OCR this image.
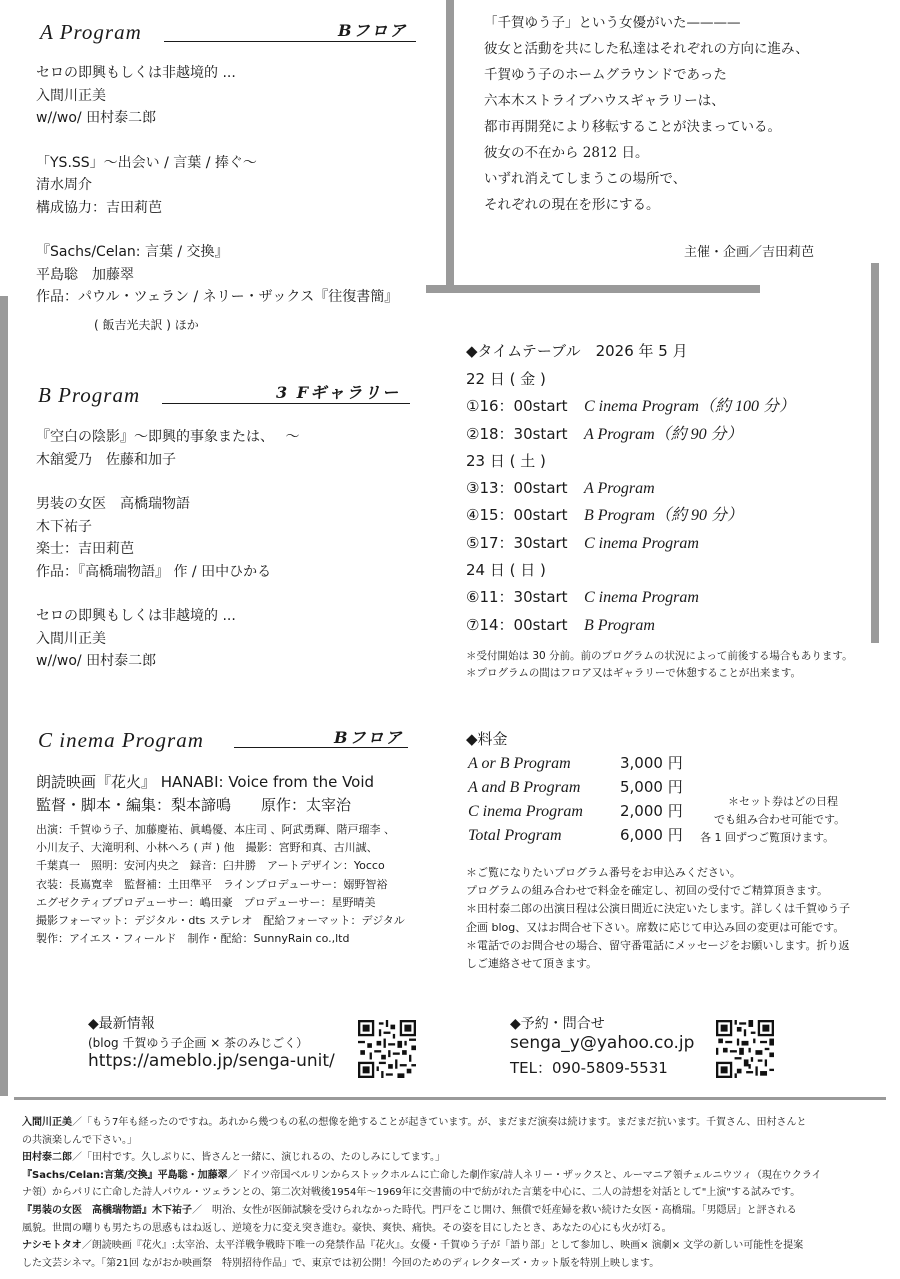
A Program	Bフロア
セロの即興もしくは非越境的 ...
入間川正美
w//wo/ 田村泰二郎
「YS.SS」〜出会い / 言葉 / 捧ぐ〜
清水周介
構成協力：吉田莉芭
『Sachs/Celan: 言葉 / 交換』
平島聡　加藤翠
作品：パウル・ツェラン / ネリー・ザックス『往復書簡』
( 飯吉光夫訳 ) ほか
「千賀ゆう子」という女優がいた————
彼女と活動を共にした私達はそれぞれの方向に進み、
千賀ゆう子のホームグラウンドであった
六本木ストライブハウスギャラリーは、
都市再開発により移転することが決まっている。
彼女の不在から 2812 日。
いずれ消えてしまうこの場所で、
それぞれの現在を形にする。
主催・企画／吉田莉芭
B Program	3 Fギャラリー
『空白の陰影』〜即興的事象または、　 〜
木舘愛乃　佐藤和加子
男装の女医　高橋瑞物語
木下祐子
楽士：吉田莉芭
作品：『高橋瑞物語』 作 / 田中ひかる
セロの即興もしくは非越境的 ...
入間川正美
w//wo/ 田村泰二郎
◆タイムテーブル　2026 年 5 月
22 日 ( 金 )
①16：00start C inema Program（約 100 分）
②18：30start A Program（約 90 分）
23 日 ( 土 )
③13：00start A Program
④15：00start B Program（約 90 分）
⑤17：30start C inema Program
24 日 ( 日 )
⑥11：30start C inema Program
⑦14：00start B Program
＊受付開始は 30 分前。前のプログラムの状況によって前後する場合もあります。
＊プログラムの間はフロア又はギャラリーで休憩することが出来ます。
C inema Program	Bフロア
朗読映画『花火』 HANABI: Voice from the Void
監督・脚本・編集：梨本諦鳴　　原作：太宰治
出演：千賀ゆう子、加藤慶祐、眞嶋優、本庄司 、阿武勇輝、階戸瑠李 、
小川友子、大滝明利、小林へろ ( 声 ) 他　撮影：宮野和真、古川誠、
千葉真一　照明：安河内央之　録音：臼井勝　アートデザイン：Yocco
衣装：長嶌寛幸　監督補：土田準平　ラインプロデューサー：嫋野智裕
エグゼクティブプロデューサー：嶋田豪　プロデューサー：星野晴美
撮影フォーマット：デジタル・dts ステレオ　配給フォーマット：デジタル
製作：アイエス・フィールド　制作・配給：SunnyRain co.,ltd
◆料金
A or B Program	3,000 円
A and B Program	5,000 円
C inema Program 2,000 円
Total Program	6,000 円
＊セット券はどの日程
でも組み合わせ可能です。
各 1 回ずつご覧頂けます。
＊ご覧になりたいプログラム番号をお申込みください。
プログラムの組み合わせで料金を確定し、初回の受付でご精算頂きます。
＊田村泰二郎の出演日程は公演日間近に決定いたします。詳しくは千賀ゆう子
企画 blog、又はお問合せ下さい。席数に応じて申込み回の変更は可能です。
＊電話でのお問合せの場合、留守番電話にメッセージをお願いします。折り返
しご連絡させて頂きます。
◆最新情報
(blog 千賀ゆう子企画 × 茶のみじごく）
https://ameblo.jp/senga-unit/
◆予約・問合せ
senga_y@yahoo.co.jp
TEL：090-5809-5531
入間川正美／「もう7年も経ったのですね。あれから幾つもの私の想像を絶することが起きています。が、まだまだ演奏は続けます。まだまだ抗います。千賀さん、田村さんと
の共演楽しんで下さい。」
田村泰二郎／「田村です。久しぶりに、皆さんと一緒に、演じれるの、たのしみにしてます。」
『Sachs/Celan:言葉/交換』平島聡・加藤翠／ ドイツ帝国ベルリンからストックホルムに亡命した劇作家/詩人ネリー・ザックスと、ルーマニア領チェルニウツィ（現在ウクライ
ナ領）からパリに亡命した詩人パウル・ツェランとの、第二次対戦後1954年〜1969年に交書簡の中で紡がれた言葉を中心に、二人の詩想を対話として"上演"する試みです。
『男装の女医　高橋瑞物語』木下祐子／　明治、女性が医師試験を受けられなかった時代。門戸をこじ開け、無償で妊産婦を救い続けた女医・高橋瑞。「男隠居」と評される
風貌。世間の嘲りも男たちの思惑もはね返し、逆境を力に変え突き進む。豪快、爽快、痛快。その姿を目にしたとき、あなたの心にも火が灯る。
ナシモトタオ／朗読映画『花火』:太宰治、太平洋戦争戦時下唯一の発禁作品『花火』。女優・千賀ゆう子が「語り部」として参加し、映画× 演劇× 文学の新しい可能性を提案
した文芸シネマ。「第21回 ながおか映画祭　特別招待作品」で、東京では初公開！今回のためのディレクターズ・カット版を特別上映します。
